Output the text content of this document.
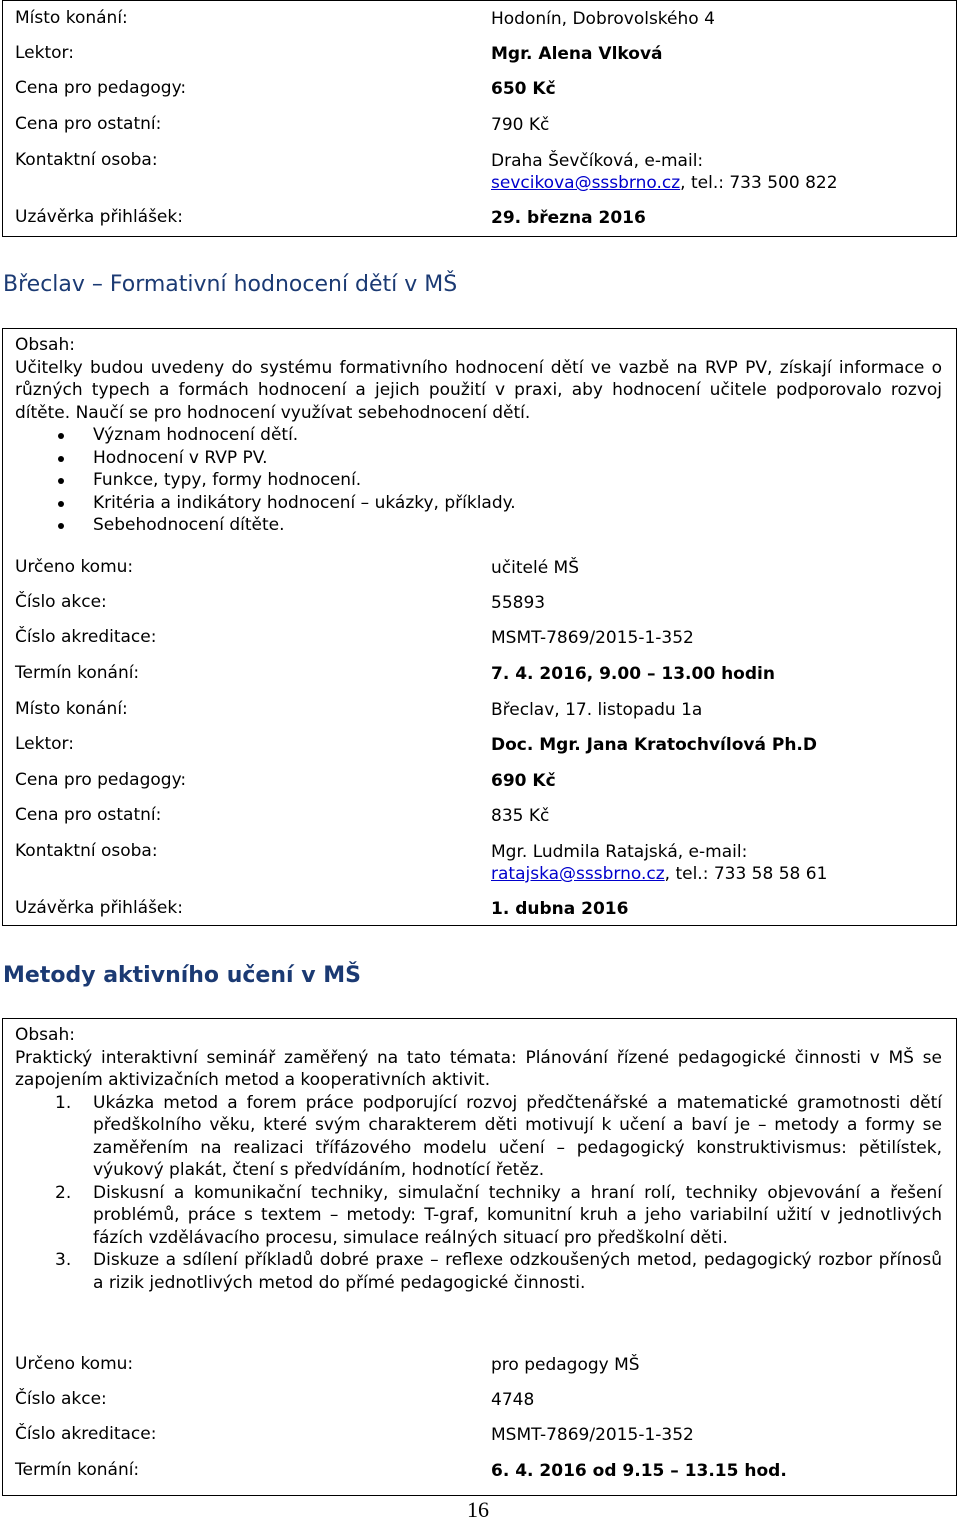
Místo konání:	Hodonín, Dobrovolského 4
Lektor:	Mgr. Alena Vlková
Cena pro pedagogy:	650 Kč
Cena pro ostatní:	790 Kč
Kontaktní osoba:	Draha Ševčíková, e-mail:
sevcikova@sssbrno.cz, tel.: 733 500 822
Uzávěrka přihlášek:	29. března 2016
Břeclav – Formativní hodnocení dětí v MŠ

Obsah:

Učitelky budou uvedeny do systému formativního hodnocení dětí ve vazbě na RVP PV, získají informace o různých typech a formách hodnocení a jejich použití v praxi, aby hodnocení učitele podporovalo rozvoj dítěte. Naučí se pro hodnocení využívat sebehodnocení dětí.

Význam hodnocení dětí.
Hodnocení v RVP PV.
Funkce, typy, formy hodnocení.
Kritéria a indikátory hodnocení – ukázky, příklady.
Sebehodnocení dítěte.
Určeno komu:	učitelé MŠ
Číslo akce:	55893
Číslo akreditace:	MSMT-7869/2015-1-352
Termín konání:	7. 4. 2016, 9.00 – 13.00 hodin
Místo konání:	Břeclav, 17. listopadu 1a
Lektor:	Doc. Mgr. Jana Kratochvílová Ph.D
Cena pro pedagogy:	690 Kč
Cena pro ostatní:	835 Kč
Kontaktní osoba:	Mgr. Ludmila Ratajská, e-mail:
ratajska@sssbrno.cz, tel.: 733 58 58 61
Uzávěrka přihlášek:	1. dubna 2016
Metody aktivního učení v MŠ

Obsah:

Praktický interaktivní seminář zaměřený na tato témata: Plánování řízené pedagogické činnosti v MŠ se zapojením aktivizačních metod a kooperativních aktivit.

1. Ukázka metod a forem práce podporující rozvoj předčtenářské a matematické gramotnosti dětí předškolního věku, které svým charakterem děti motivují k učení a baví je – metody a formy se zaměřením na realizaci třífázového modelu učení – pedagogický konstruktivismus: pětilístek, výukový plakát, čtení s předvídáním, hodnotící řetěz.
2. Diskusní a komunikační techniky, simulační techniky a hraní rolí, techniky objevování a řešení problémů, práce s textem – metody: T-graf, komunitní kruh a jeho variabilní užití v jednotlivých fázích vzdělávacího procesu, simulace reálných situací pro předškolní děti.
3. Diskuze a sdílení příkladů dobré praxe – reflexe odzkoušených metod, pedagogický rozbor přínosů a rizik jednotlivých metod do přímé pedagogické činnosti.
Určeno komu:	pro pedagogy MŠ
Číslo akce:	4748
Číslo akreditace:	MSMT-7869/2015-1-352
Termín konání:	6. 4. 2016 od 9.15 – 13.15 hod.
16
